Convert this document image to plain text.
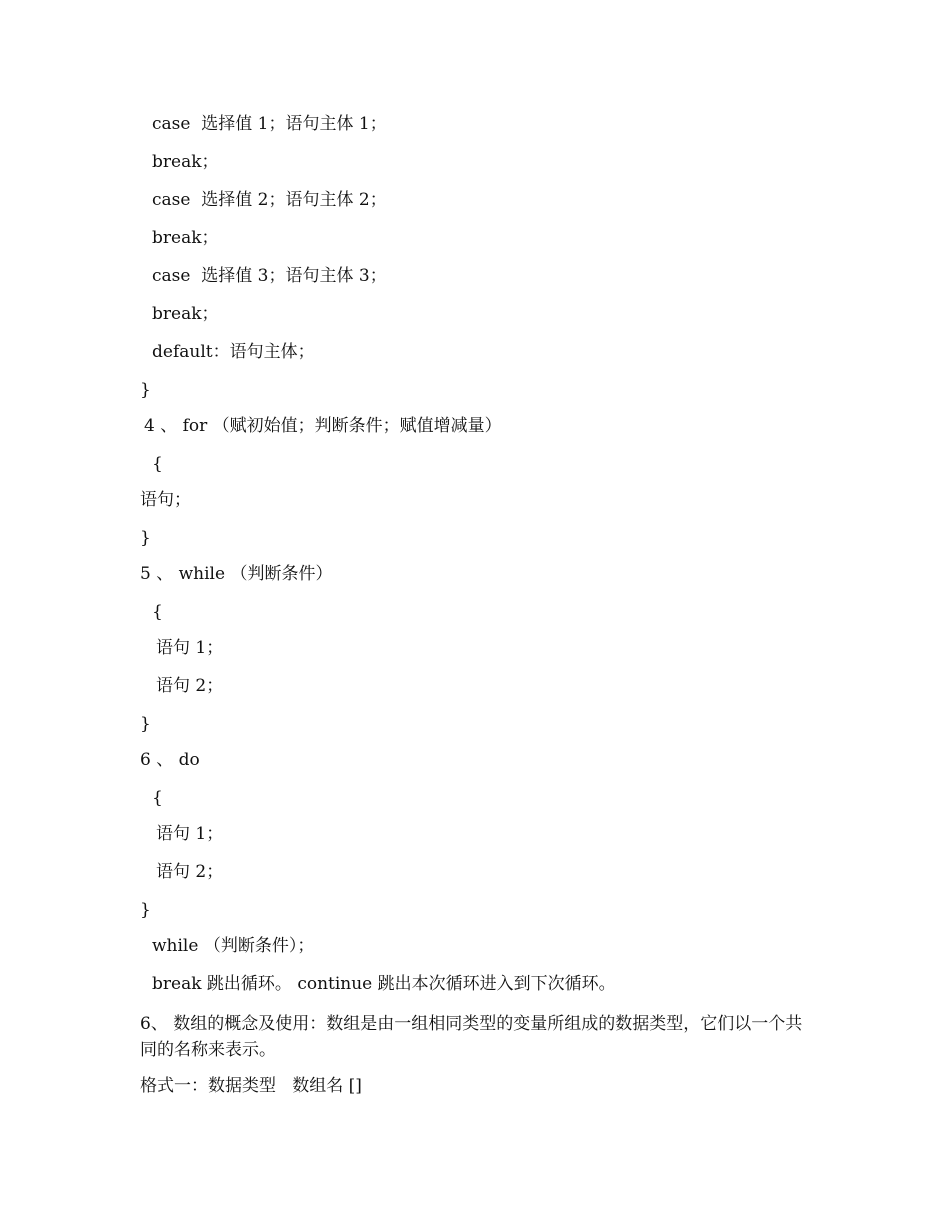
case  选择值 1；语句主体 1；
break；
case  选择值 2；语句主体 2；
break；
case  选择值 3；语句主体 3；
break；
default：语句主体；
}
4 、 for （赋初始值；判断条件；赋值增减量）
{
语句；
}
5 、 while （判断条件）
{
语句 1；
语句 2；
}
6 、 do
{
语句 1；
语句 2；
}
while （判断条件）；
break 跳出循环。 continue 跳出本次循环进入到下次循环。
6、 数组的概念及使用：数组是由一组相同类型的变量所组成的数据类型，它们以一个共同的名称来表示。
格式一：数据类型   数组名 []
